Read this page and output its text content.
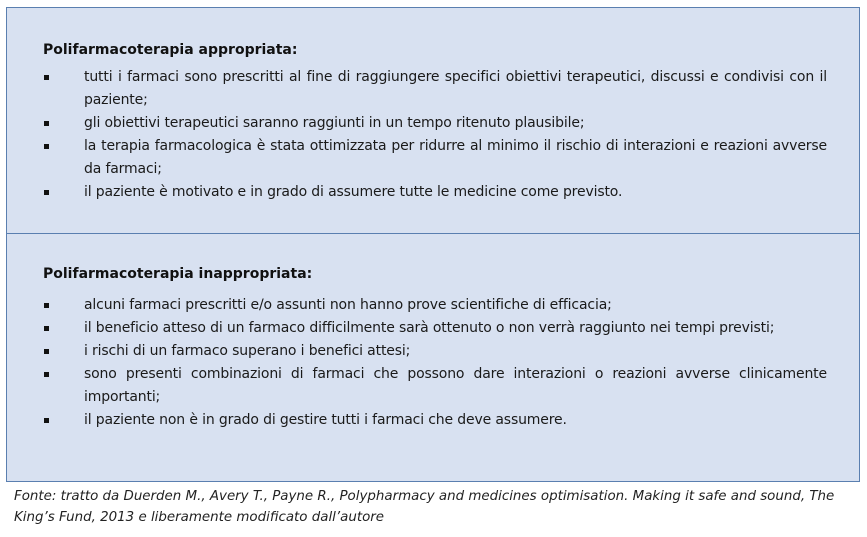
Polifarmacoterapia appropriata:
tutti i farmaci sono prescritti al fine di raggiungere specifici obiettivi terapeutici, discussi e condivisi con il paziente;
gli obiettivi terapeutici saranno raggiunti in un tempo ritenuto plausibile;
la terapia farmacologica è stata ottimizzata per ridurre al minimo il rischio di interazioni e reazioni avverse da farmaci;
il paziente è motivato e in grado di assumere tutte le medicine come previsto.
Polifarmacoterapia inappropriata:
alcuni farmaci prescritti e/o assunti non hanno prove scientifiche di efficacia;
il beneficio atteso di un farmaco difficilmente sarà ottenuto o non verrà raggiunto nei tempi previsti;
i rischi di un farmaco superano i benefici attesi;
sono presenti combinazioni di farmaci che possono dare interazioni o reazioni avverse clinicamente importanti;
il paziente non è in grado di gestire tutti i farmaci che deve assumere.
Fonte: tratto da Duerden M., Avery T., Payne R., Polypharmacy and medicines optimisation. Making it safe and sound, The King’s Fund, 2013 e liberamente modificato dall’autore
